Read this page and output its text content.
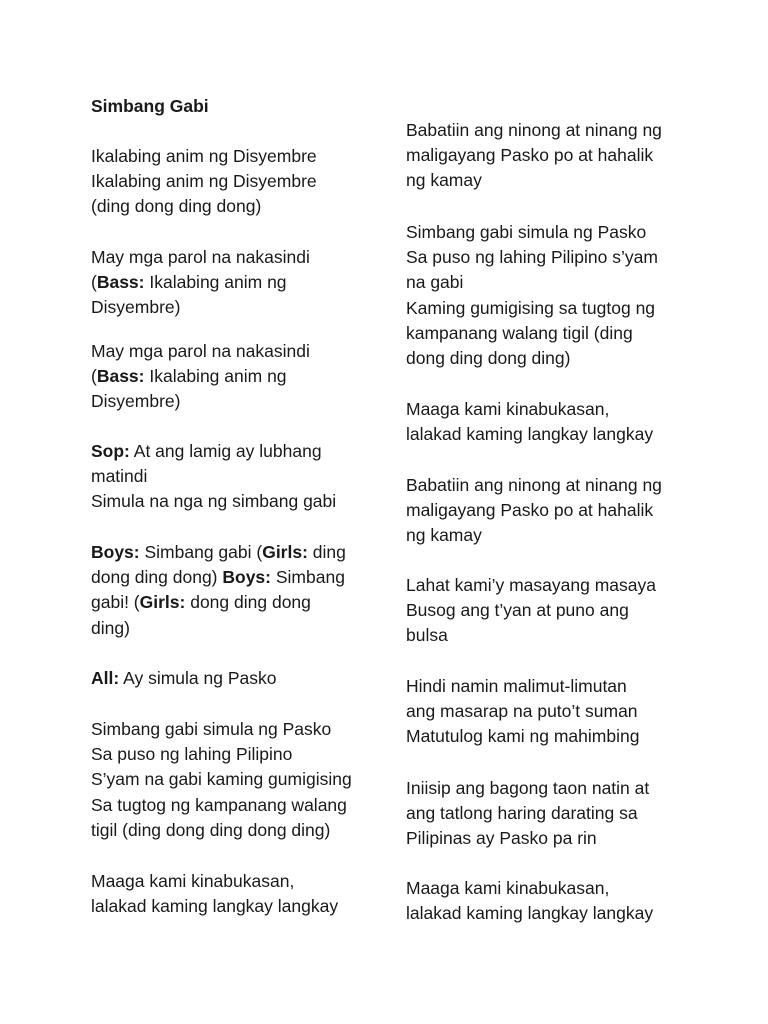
Simbang Gabi
Ikalabing anim ng Disyembre
Ikalabing anim ng Disyembre
(ding dong ding dong)
May mga parol na nakasindi
(Bass: Ikalabing anim ng
Disyembre)
May mga parol na nakasindi
(Bass: Ikalabing anim ng
Disyembre)
Sop: At ang lamig ay lubhang
matindi
Simula na nga ng simbang gabi
Boys: Simbang gabi (Girls: ding
dong ding dong) Boys: Simbang
gabi! (Girls: dong ding dong
ding)
All: Ay simula ng Pasko
Simbang gabi simula ng Pasko
Sa puso ng lahing Pilipino
S’yam na gabi kaming gumigising
Sa tugtog ng kampanang walang
tigil (ding dong ding dong ding)
Maaga kami kinabukasan,
lalakad kaming langkay langkay
Babatiin ang ninong at ninang ng
maligayang Pasko po at hahalik
ng kamay
Simbang gabi simula ng Pasko
Sa puso ng lahing Pilipino s’yam
na gabi
Kaming gumigising sa tugtog ng
kampanang walang tigil (ding
dong ding dong ding)
Maaga kami kinabukasan,
lalakad kaming langkay langkay
Babatiin ang ninong at ninang ng
maligayang Pasko po at hahalik
ng kamay
Lahat kami’y masayang masaya
Busog ang t’yan at puno ang
bulsa
Hindi namin malimut-limutan
ang masarap na puto’t suman
Matutulog kami ng mahimbing
Iniisip ang bagong taon natin at
ang tatlong haring darating sa
Pilipinas ay Pasko pa rin
Maaga kami kinabukasan,
lalakad kaming langkay langkay
